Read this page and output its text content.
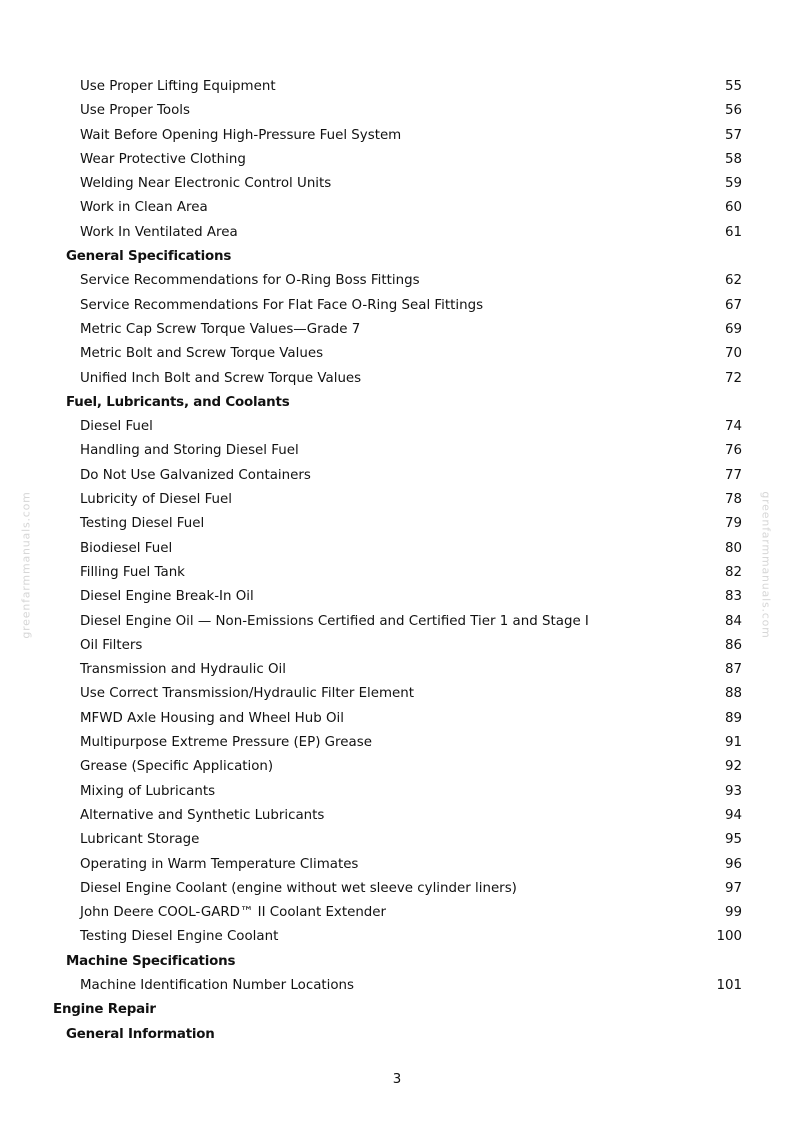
greenfarmmanuals.com	greenfarmmanuals.com
Use Proper Lifting Equipment	55
Use Proper Tools	56
Wait Before Opening High-Pressure Fuel System	57
Wear Protective Clothing	58
Welding Near Electronic Control Units	59
Work in Clean Area	60
Work In Ventilated Area	61
General Specifications
Service Recommendations for O-Ring Boss Fittings	62
Service Recommendations For Flat Face O-Ring Seal Fittings	67
Metric Cap Screw Torque Values—Grade 7	69
Metric Bolt and Screw Torque Values	70
Unified Inch Bolt and Screw Torque Values	72
Fuel, Lubricants, and Coolants
Diesel Fuel	74
Handling and Storing Diesel Fuel	76
Do Not Use Galvanized Containers	77
Lubricity of Diesel Fuel	78
Testing Diesel Fuel	79
Biodiesel Fuel	80
Filling Fuel Tank	82
Diesel Engine Break-In Oil	83
Diesel Engine Oil — Non-Emissions Certified and Certified Tier 1 and Stage I	84
Oil Filters	86
Transmission and Hydraulic Oil	87
Use Correct Transmission/Hydraulic Filter Element	88
MFWD Axle Housing and Wheel Hub Oil	89
Multipurpose Extreme Pressure (EP) Grease	91
Grease (Specific Application)	92
Mixing of Lubricants	93
Alternative and Synthetic Lubricants	94
Lubricant Storage	95
Operating in Warm Temperature Climates	96
Diesel Engine Coolant (engine without wet sleeve cylinder liners)	97
John Deere COOL-GARD™ II Coolant Extender	99
Testing Diesel Engine Coolant	100
Machine Specifications
Machine Identification Number Locations	101
Engine Repair
General Information
3
